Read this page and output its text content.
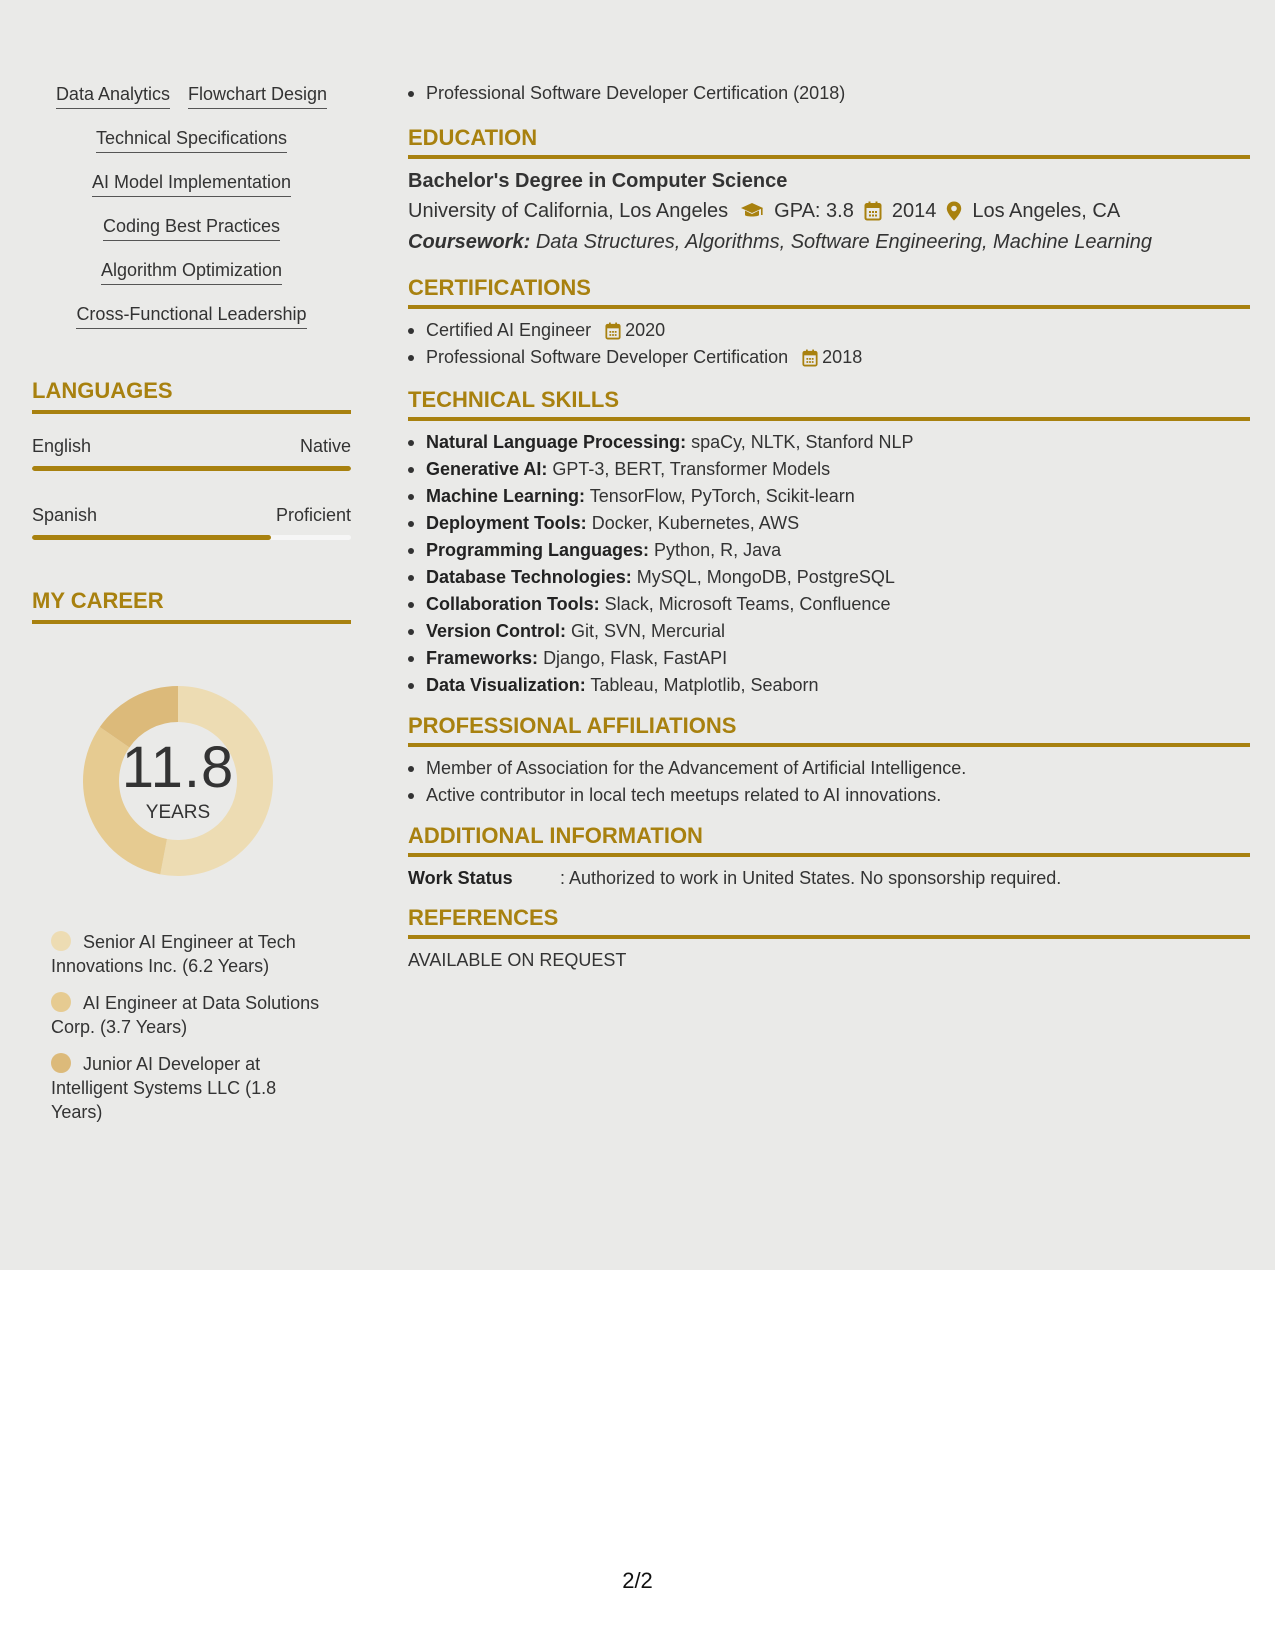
Data Analytics Flowchart Design
Technical Specifications
AI Model Implementation
Coding Best Practices
Algorithm Optimization
Cross-Functional Leadership
LANGUAGES
English	Native
Spanish	Proficient
MY CAREER
11.8
YEARS
Senior AI Engineer at Tech Innovations Inc. (6.2 Years)
AI Engineer at Data Solutions Corp. (3.7 Years)
Junior AI Developer at Intelligent Systems LLC (1.8 Years)
Professional Software Developer Certification (2018)
EDUCATION
Bachelor's Degree in Computer Science
University of California, Los Angeles GPA: 3.8 2014 Los Angeles, CA
Coursework: Data Structures, Algorithms, Software Engineering, Machine Learning
CERTIFICATIONS
Certified AI Engineer 2020
Professional Software Developer Certification 2018
TECHNICAL SKILLS
Natural Language Processing: spaCy, NLTK, Stanford NLP
Generative AI: GPT-3, BERT, Transformer Models
Machine Learning: TensorFlow, PyTorch, Scikit-learn
Deployment Tools: Docker, Kubernetes, AWS
Programming Languages: Python, R, Java
Database Technologies: MySQL, MongoDB, PostgreSQL
Collaboration Tools: Slack, Microsoft Teams, Confluence
Version Control: Git, SVN, Mercurial
Frameworks: Django, Flask, FastAPI
Data Visualization: Tableau, Matplotlib, Seaborn
PROFESSIONAL AFFILIATIONS
Member of Association for the Advancement of Artificial Intelligence.
Active contributor in local tech meetups related to AI innovations.
ADDITIONAL INFORMATION
Work Status	: Authorized to work in United States. No sponsorship required.
REFERENCES
AVAILABLE ON REQUEST
2/2
